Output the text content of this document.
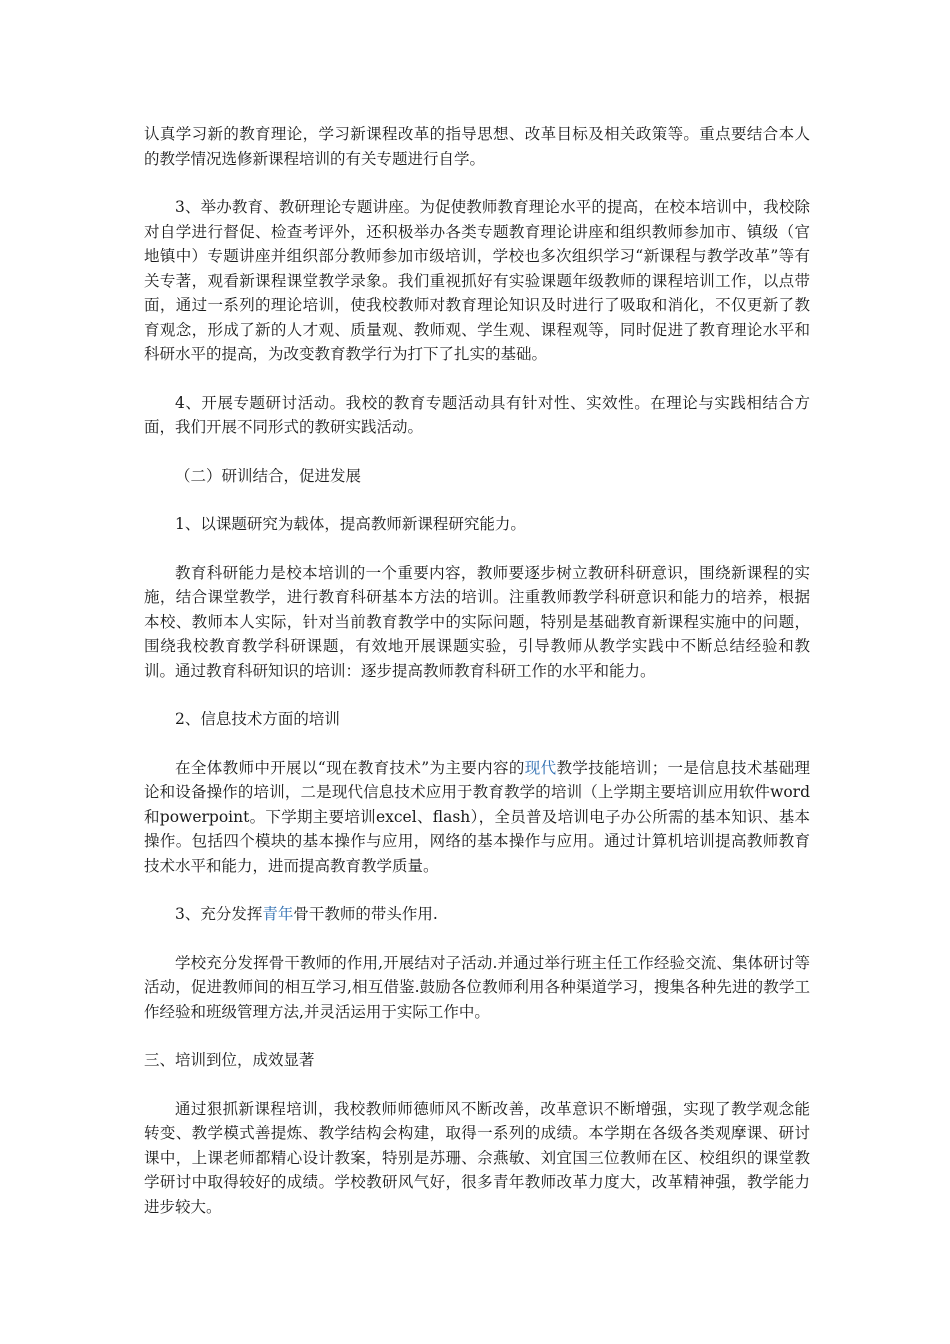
认真学习新的教育理论，学习新课程改革的指导思想、改革目标及相关政策等。重点要结合本人的教学情况选修新课程培训的有关专题进行自学。

3、举办教育、教研理论专题讲座。为促使教师教育理论水平的提高，在校本培训中，我校除对自学进行督促、检查考评外，还积极举办各类专题教育理论讲座和组织教师参加市、镇级（官地镇中）专题讲座并组织部分教师参加市级培训，学校也多次组织学习“新课程与教学改革”等有关专著，观看新课程课堂教学录象。我们重视抓好有实验课题年级教师的课程培训工作，以点带面，通过一系列的理论培训，使我校教师对教育理论知识及时进行了吸取和消化，不仅更新了教育观念，形成了新的人才观、质量观、教师观、学生观、课程观等，同时促进了教育理论水平和科研水平的提高，为改变教育教学行为打下了扎实的基础。

4、开展专题研讨活动。我校的教育专题活动具有针对性、实效性。在理论与实践相结合方面，我们开展不同形式的教研实践活动。

（二）研训结合，促进发展

1、以课题研究为载体，提高教师新课程研究能力。

教育科研能力是校本培训的一个重要内容，教师要逐步树立教研科研意识，围绕新课程的实施，结合课堂教学，进行教育科研基本方法的培训。注重教师教学科研意识和能力的培养，根据本校、教师本人实际，针对当前教育教学中的实际问题，特别是基础教育新课程实施中的问题，围绕我校教育教学科研课题，有效地开展课题实验，引导教师从教学实践中不断总结经验和教训。通过教育科研知识的培训：逐步提高教师教育科研工作的水平和能力。

2、信息技术方面的培训

在全体教师中开展以“现在教育技术”为主要内容的现代教学技能培训；一是信息技术基础理论和设备操作的培训，二是现代信息技术应用于教育教学的培训（上学期主要培训应用软件word和powerpoint。下学期主要培训excel、flash），全员普及培训电子办公所需的基本知识、基本操作。包括四个模块的基本操作与应用，网络的基本操作与应用。通过计算机培训提高教师教育技术水平和能力，进而提高教育教学质量。

3、充分发挥青年骨干教师的带头作用.

学校充分发挥骨干教师的作用,开展结对子活动.并通过举行班主任工作经验交流、集体研讨等活动，促进教师间的相互学习,相互借鉴.鼓励各位教师利用各种渠道学习，搜集各种先进的教学工作经验和班级管理方法,并灵活运用于实际工作中。

三、培训到位，成效显著

通过狠抓新课程培训，我校教师师德师风不断改善，改革意识不断增强，实现了教学观念能转变、教学模式善提炼、教学结构会构建，取得一系列的成绩。本学期在各级各类观摩课、研讨课中，上课老师都精心设计教案，特别是苏珊、佘燕敏、刘宜国三位教师在区、校组织的课堂教学研讨中取得较好的成绩。学校教研风气好，很多青年教师改革力度大，改革精神强，教学能力进步较大。
